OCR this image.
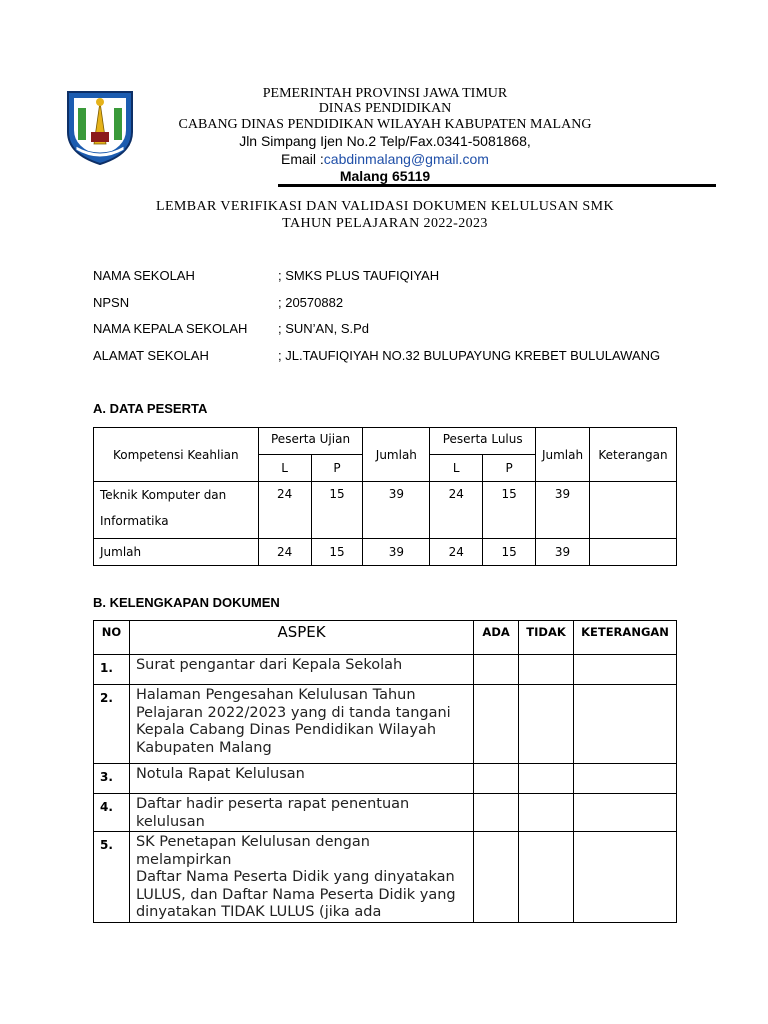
PEMERINTAH PROVINSI JAWA TIMUR
DINAS PENDIDIKAN
CABANG DINAS PENDIDIKAN WILAYAH KABUPATEN MALANG
Jln Simpang Ijen No.2 Telp/Fax.0341-5081868,
Email :cabdinmalang@gmail.com
Malang 65119
LEMBAR VERIFIKASI DAN VALIDASI DOKUMEN KELULUSAN SMK
TAHUN PELAJARAN 2022-2023
NAMA SEKOLAH	; SMKS PLUS TAUFIQIYAH
NPSN	; 20570882
NAMA KEPALA SEKOLAH ; SUN’AN, S.Pd
ALAMAT SEKOLAH	; JL.TAUFIQIYAH NO.32 BULUPAYUNG KREBET BULULAWANG
A. DATA PESERTA
Kompetensi Keahlian	Peserta Ujian		Jumlah	Peserta Lulus		Jumlah	Keterangan
	L	P		L	P		

Teknik Komputer dan
Informatika	24	15	39	24	15	39	
Jumlah	24	15	39	24	15	39	
B. KELENGKAPAN DOKUMEN
NO	ASPEK	ADA	TIDAK	KETERANGAN
1.	Surat pengantar dari Kepala Sekolah			

2.	Halaman Pengesahan Kelulusan Tahun
Pelajaran 2022/2023 yang di tanda tangani
Kepala Cabang Dinas Pendidikan Wilayah
Kabupaten Malang			

3.	Notula Rapat Kelulusan			

4.	Daftar hadir peserta rapat penentuan kelulusan			

5.	SK Penetapan Kelulusan dengan melampirkan
Daftar Nama Peserta Didik yang dinyatakan
LULUS, dan Daftar Nama Peserta Didik yang
dinyatakan TIDAK LULUS (jika ada			
